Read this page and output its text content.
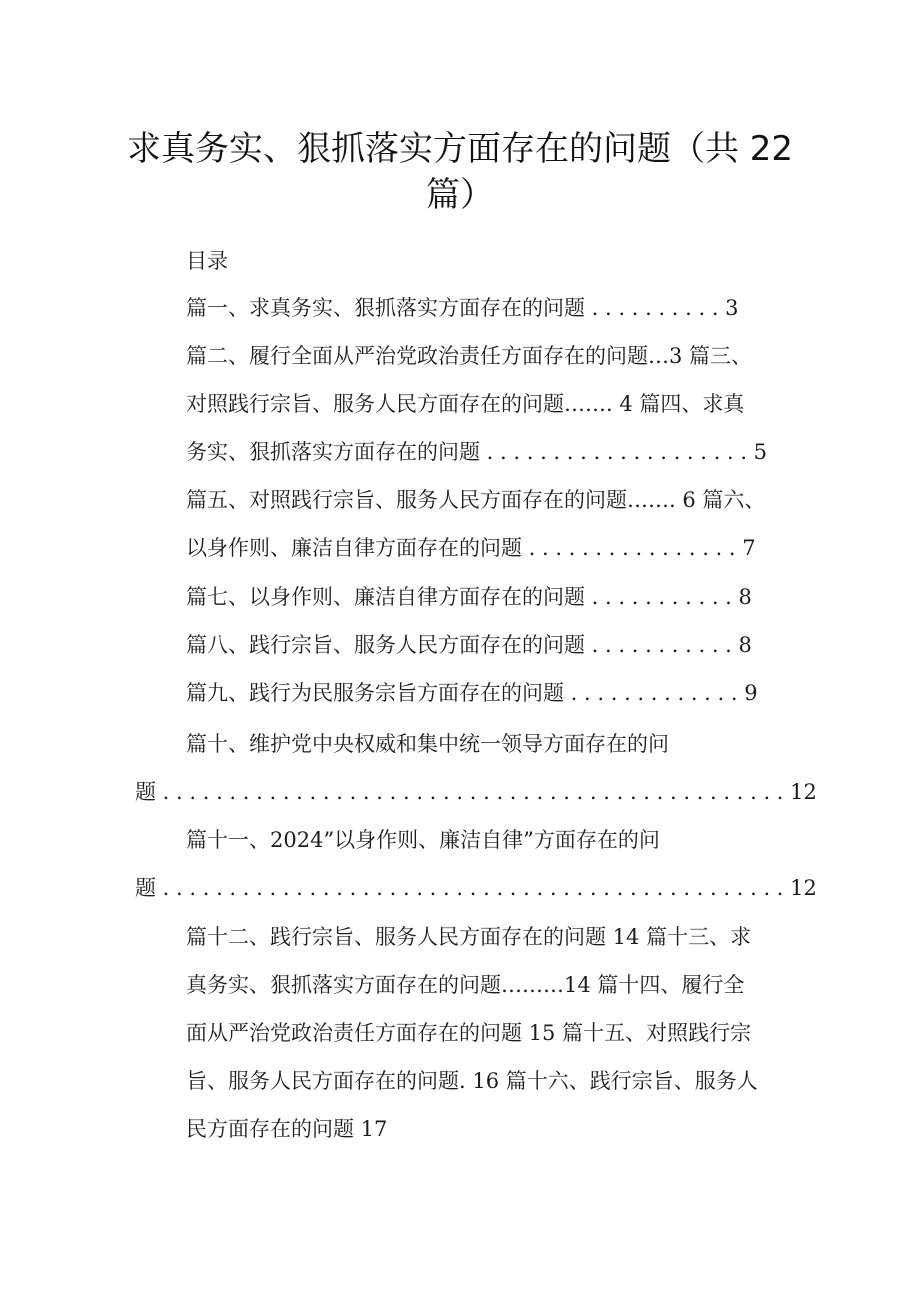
求真务实、狠抓落实方面存在的问题（共 22
篇）
目录
篇一、求真务实、狠抓落实方面存在的问题 . . . . . . . . . . 3
篇二、履行全面从严治党政治责任方面存在的问题…3 篇三、
对照践行宗旨、服务人民方面存在的问题……. 4 篇四、求真
务实、狠抓落实方面存在的问题 . . . . . . . . . . . . . . . . . . . . 5
篇五、对照践行宗旨、服务人民方面存在的问题……. 6 篇六、
以身作则、廉洁自律方面存在的问题 . . . . . . . . . . . . . . . . 7
篇七、以身作则、廉洁自律方面存在的问题 . . . . . . . . . . . 8
篇八、践行宗旨、服务人民方面存在的问题 . . . . . . . . . . . 8
篇九、践行为民服务宗旨方面存在的问题 . . . . . . . . . . . . . 9
篇十、维护党中央权威和集中统一领导方面存在的问
题 . . . . . . . . . . . . . . . . . . . . . . . . . . . . . . . . . . . . . . . . . . . . . . . 12
篇十一、2024”以身作则、廉洁自律”方面存在的问
题 . . . . . . . . . . . . . . . . . . . . . . . . . . . . . . . . . . . . . . . . . . . . . . . 12
篇十二、践行宗旨、服务人民方面存在的问题 14 篇十三、求
真务实、狠抓落实方面存在的问题………14 篇十四、履行全
面从严治党政治责任方面存在的问题 15 篇十五、对照践行宗
旨、服务人民方面存在的问题. 16 篇十六、践行宗旨、服务人
民方面存在的问题 17
